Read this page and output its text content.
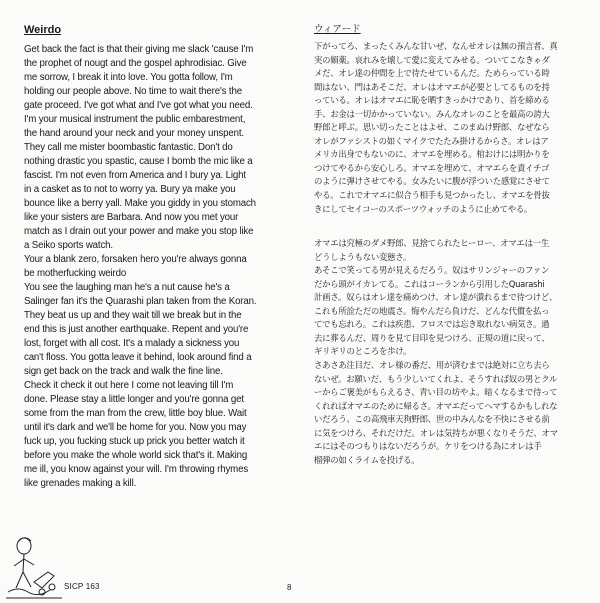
Weirdo
Get back the fact is that their giving me slack 'cause I'm
the prophet of nougt and the gospel aphrodisiac. Give
me sorrow, I break it into love. You gotta follow, I'm
holding our people above. No time to wait there's the
gate proceed. I've got what and I've got what you need.
I'm your musical instrument the public embarestment,
the hand around your neck and your money unspent.
They call me mister boombastic fantastic. Don't do
nothing drastic you spastic, cause I bomb the mic like a
fascist. I'm not even from America and I bury ya. Light
in a casket as to not to worry ya. Bury ya make you
bounce like a berry yall. Make you giddy in you stomach
like your sisters are Barbara. And now you met your
match as I drain out your power and make you stop like
a Seiko sports watch.
Your a blank zero, forsaken hero you're always gonna
be motherfucking weirdo
You see the laughing man he's a nut cause he's a
Salinger fan it's the Quarashi plan taken from the Koran.
They beat us up and they wait till we break but in the
end this is just another earthquake. Repent and you're
lost, forget with all cost. It's a malady a sickness you
can't floss. You gotta leave it behind, look around find a
sign get back on the track and walk the fine line.
Check it check it out here I come not leaving till I'm
done. Please stay a little longer and you're gonna get
some from the man from the crew, little boy blue. Wait
until it's dark and we'll be home for you. Now you may
fuck up, you fucking stuck up prick you better watch it
before you make the whole world sick that's it. Making
me ill, you know against your will. I'm throwing rhymes
like grenades making a kill.
ウィアード
下がってろ、まったくみんな甘いぜ、なんせオレは無の預言者、真
実の媚薬。哀れみを壊して愛に変えてみせる。ついてこなきゃダ
メだ、オレ達の仲間を上で待たせているんだ。ためらっている時
間はない、門はあそこだ、オレはオマエが必要としてるものを持
っている。オレはオマエに恥を晒すきっかけであり、首を締める
手、お金は一切かかっていない。みんなオレのことを最高の誇大
野郎と呼ぶ。思い切ったことはよせ、このまぬけ野郎、なぜなら
オレがファシストの如くマイクでたたみ掛けるからさ。オレはア
メリカ出身でもないのに、オマエを埋める。棺おけには明かりを
つけてやるから安心しろ。オマエを埋めて、オマエらを責イチゴ
のように弾けさせてやる。女みたいに腹が浮ついた感覚にさせて
やる。これでオマエに似合う相手も見つかったし、オマエを骨抜
きにしてセイコーのスポーツウォッチのように止めてやる。
オマエは究極のダメ野郎、見捨てられたヒーロー、オマエは一生
どうしようもない変態さ。
あそこで笑ってる男が見えるだろう。奴はサリンジャーのファン
だから頭がイカレてる。これはコーランから引用したQuarashi
計画さ。奴らはオレ達を痛めつけ、オレ達が潰れるまで待つけど、
これも所詮ただの地震さ。悔やんだら負けだ、どんな代償を払っ
てでも忘れろ。これは疾患、フロスでは忘き取れない病気さ。過
去に葬るんだ、周りを見て目印を見つけろ、正規の道に戻って、
ギリギリのところを歩け。
さあさあ注目だ、オレ様の番だ、用が済むまでは絶対に立ち去ら
ないぜ。お願いだ、もう少しいてくれよ、そうすれば奴の男とクル
ーからご褒美がもらえるさ、青い目の坊やよ。暗くなるまで待って
くれればオマエのために帰るさ。オマエだってヘマするかもしれな
いだろう、この高飛車天狗野郎、世の中みんなを不快にさせる前
に気をつけろ、それだけだ。オレは気持ちが悪くなりそうだ、オマ
エにはそのつもりはないだろうが。ケリをつける為にオレは手
榴弾の如くライムを投げる。
SICP 163	8
